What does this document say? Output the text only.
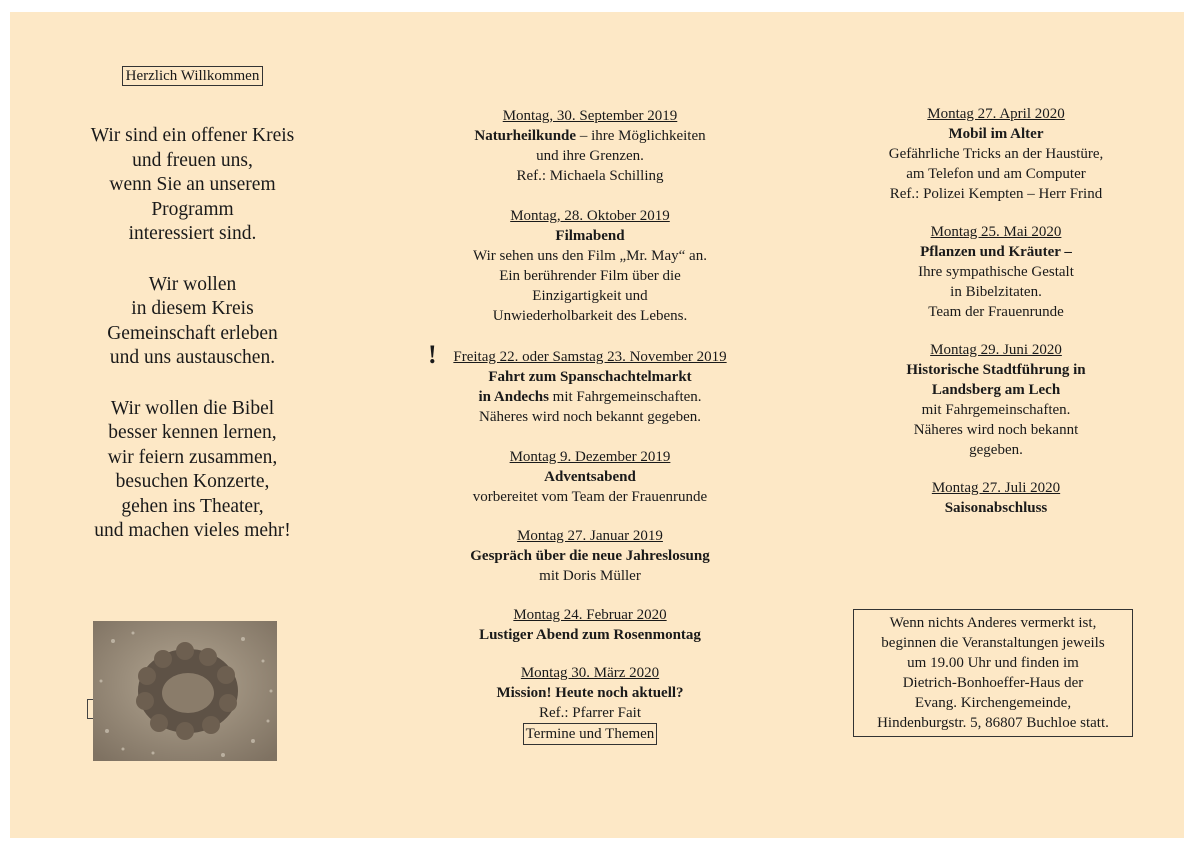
Herzlich Willkommen
Wir sind ein offener Kreis
und freuen uns,
wenn Sie an unserem
Programm
interessiert sind.
Wir wollen
in diesem Kreis
Gemeinschaft erleben
und uns austauschen.
Wir wollen die Bibel
besser kennen lernen,
wir feiern zusammen,
besuchen Konzerte,
gehen ins Theater,
und machen vieles mehr!
Montag, 30. September 2019
Naturheilkunde – ihre Möglichkeiten
und ihre Grenzen.
Ref.: Michaela Schilling
Montag, 28. Oktober 2019
Filmabend
Wir sehen uns den Film „Mr. May“ an.
Ein berührender Film über die
Einzigartigkeit und
Unwiederholbarkeit des Lebens.
!	Freitag 22. oder Samstag 23. November 2019
Fahrt zum Spanschachtelmarkt
in Andechs mit Fahrgemeinschaften.
Näheres wird noch bekannt gegeben.
Montag 9. Dezember 2019
Adventsabend
vorbereitet vom Team der Frauenrunde
Montag 27. Januar 2019
Gespräch über die neue Jahreslosung
mit Doris Müller
Montag 24. Februar 2020
Lustiger Abend zum Rosenmontag
Montag 30. März 2020
Mission! Heute noch aktuell?
Ref.: Pfarrer Fait
Termine und Themen
Montag 27. April 2020
Mobil im Alter
Gefährliche Tricks an der Haustüre,
am Telefon und am Computer
Ref.: Polizei Kempten – Herr Frind
Montag 25. Mai 2020
Pflanzen und Kräuter –
Ihre sympathische Gestalt
in Bibelzitaten.
Team der Frauenrunde
Montag 29. Juni 2020
Historische Stadtführung in
Landsberg am Lech
mit Fahrgemeinschaften.
Näheres wird noch bekannt
gegeben.
Montag 27. Juli 2020
Saisonabschluss
Wenn nichts Anderes vermerkt ist,
beginnen die Veranstaltungen jeweils
um 19.00 Uhr und finden im
Dietrich-Bonhoeffer-Haus der
Evang. Kirchengemeinde,
Hindenburgstr. 5, 86807 Buchloe statt.
